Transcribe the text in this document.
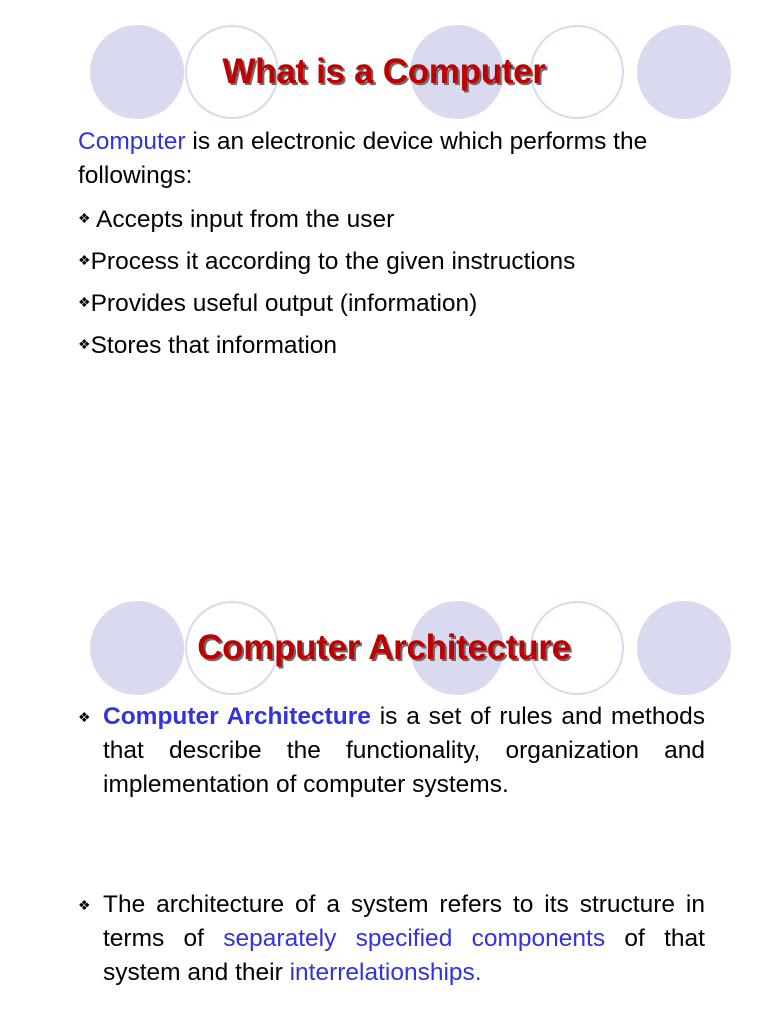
What is a Computer
Computer is an electronic device which performs the followings:
❖ Accepts input from the user
❖Process it according to the given instructions
❖Provides useful output (information)
❖Stores that information
Computer Architecture
❖ Computer Architecture is a set of rules and methods that describe the functionality, organization and implementation of computer systems.
❖ The architecture of a system refers to its structure in terms of separately specified components of that system and their interrelationships.
